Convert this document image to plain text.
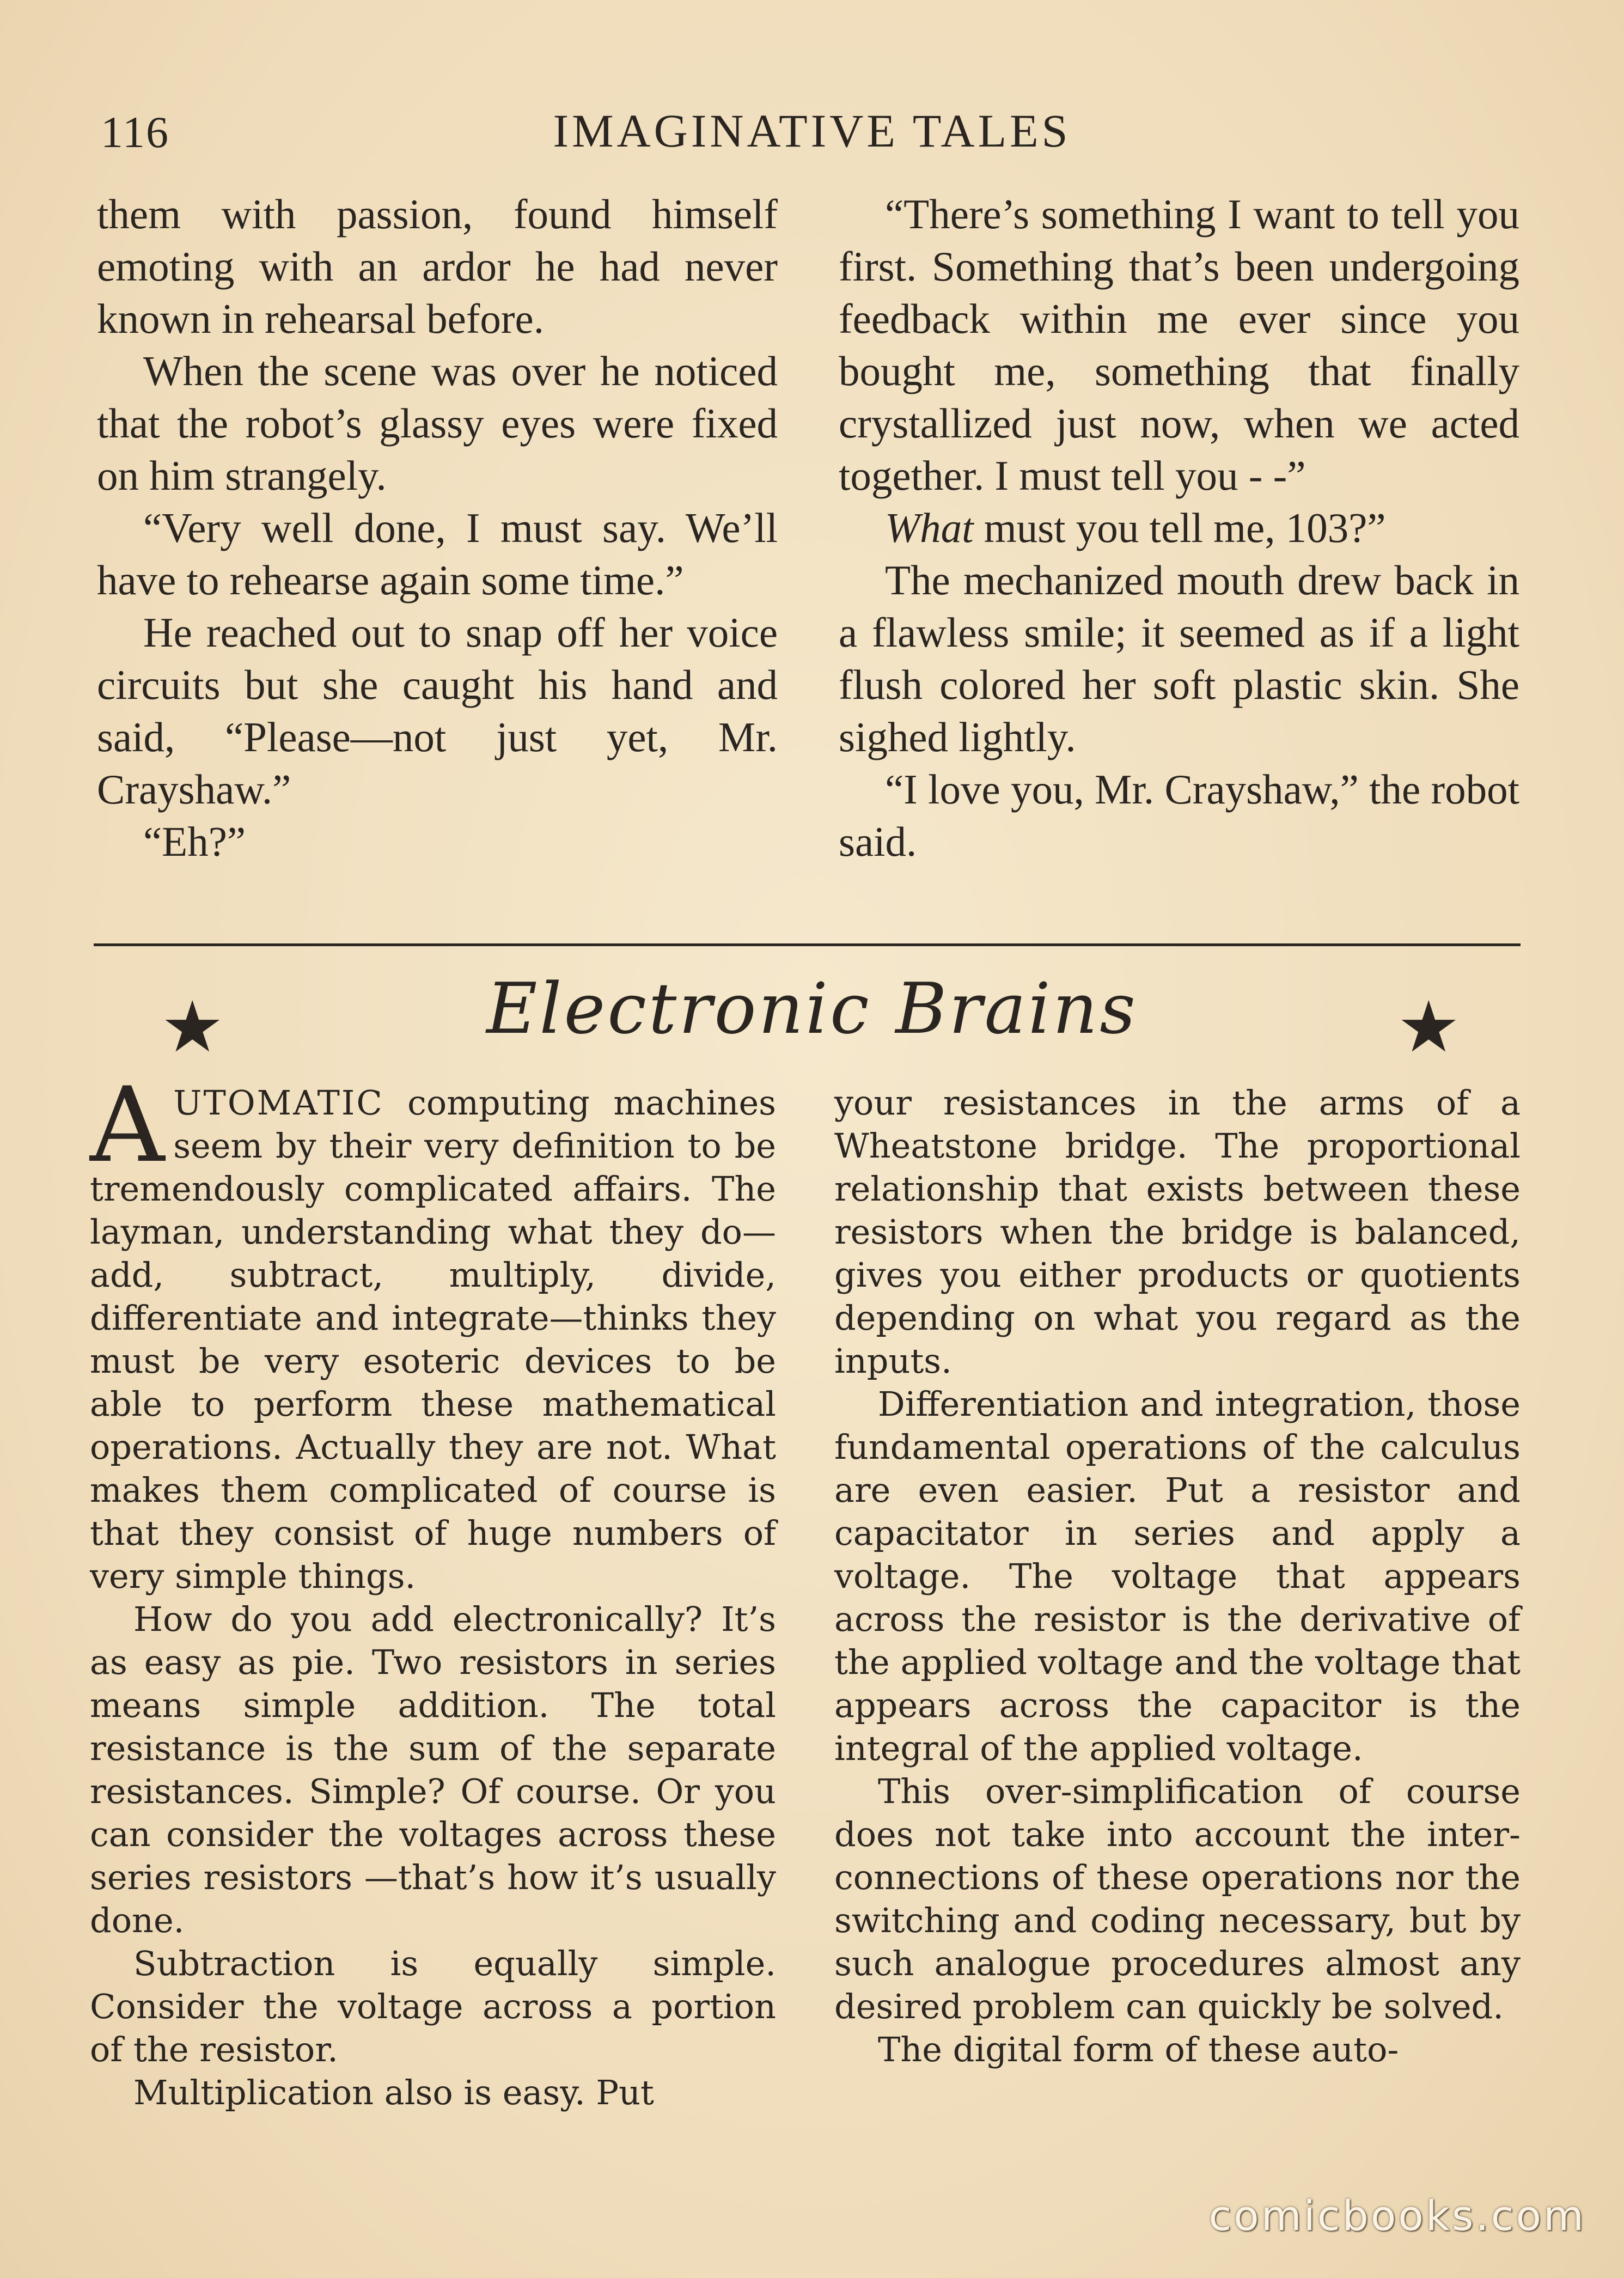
116	IMAGINATIVE TALES

them with passion, found himself emoting with an ardor he had never known in rehearsal before.

When the scene was over he noticed that the robot’s glassy eyes were fixed on him strangely.

“Very well done, I must say. We’ll have to rehearse again some time.”

He reached out to snap off her voice circuits but she caught his hand and said, “Please—not just yet, Mr. Crayshaw.”

“Eh?”

“There’s something I want to tell you first. Something that’s been undergoing feedback within me ever since you bought me, something that finally crystallized just now, when we acted together. I must tell you - -”

What must you tell me, 103?”

The mechanized mouth drew back in a flawless smile; it seemed as if a light flush colored her soft plastic skin. She sighed lightly.

“I love you, Mr. Crayshaw,” the robot said.

★	Electronic Brains	★

AUTOMATIC computing machines seem by their very definition to be tremendously complicated affairs. The layman, understanding what they do—add, subtract, multiply, divide, differentiate and integrate—thinks they must be very esoteric devices to be able to perform these mathematical operations. Actually they are not. What makes them complicated of course is that they consist of huge numbers of very simple things.

How do you add electronically? It’s as easy as pie. Two resistors in series means simple addition. The total resistance is the sum of the separate resistances. Simple? Of course. Or you can consider the voltages across these series resistors —that’s how it’s usually done.

Subtraction is equally simple. Consider the voltage across a portion of the resistor.

Multiplication also is easy. Put

your resistances in the arms of a Wheatstone bridge. The proportional relationship that exists between these resistors when the bridge is balanced, gives you either products or quotients depending on what you regard as the inputs.

Differentiation and integration, those fundamental operations of the calculus are even easier. Put a resistor and capacitator in series and apply a voltage. The voltage that appears across the resistor is the derivative of the applied voltage and the voltage that appears across the capacitor is the integral of the applied voltage.

This over-simplification of course does not take into account the inter-connections of these operations nor the switching and coding necessary, but by such analogue procedures almost any desired problem can quickly be solved.

The digital form of these auto-

comicbooks.com
